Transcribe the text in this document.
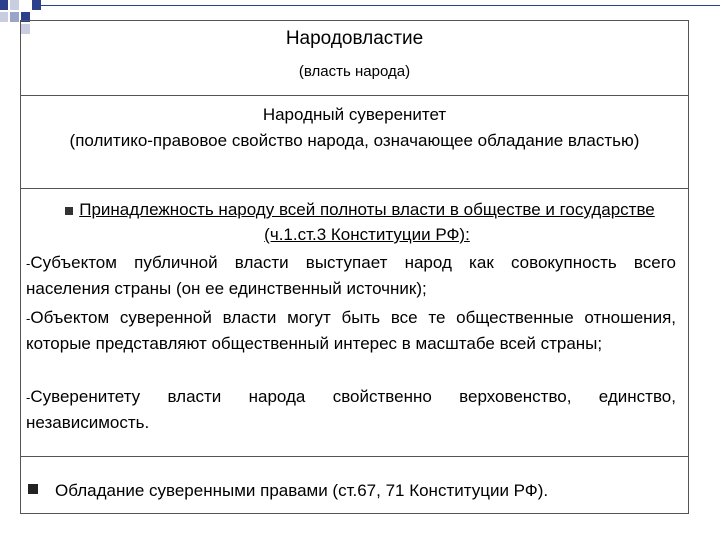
Народовластие
(власть народа)
Народный суверенитет
(политико-правовое свойство народа, означающее обладание властью)
Принадлежность народу всей полноты власти в обществе и государстве (ч.1.ст.3 Конституции РФ):
-Субъектом публичной власти выступает народ как совокупность всего населения страны (он ее единственный источник);
-Объектом суверенной власти могут быть все те общественные отношения, которые представляют общественный интерес в масштабе всей страны;
-Суверенитету власти народа свойственно верховенство, единство, независимость.
Обладание суверенными правами (ст.67, 71 Конституции РФ).
